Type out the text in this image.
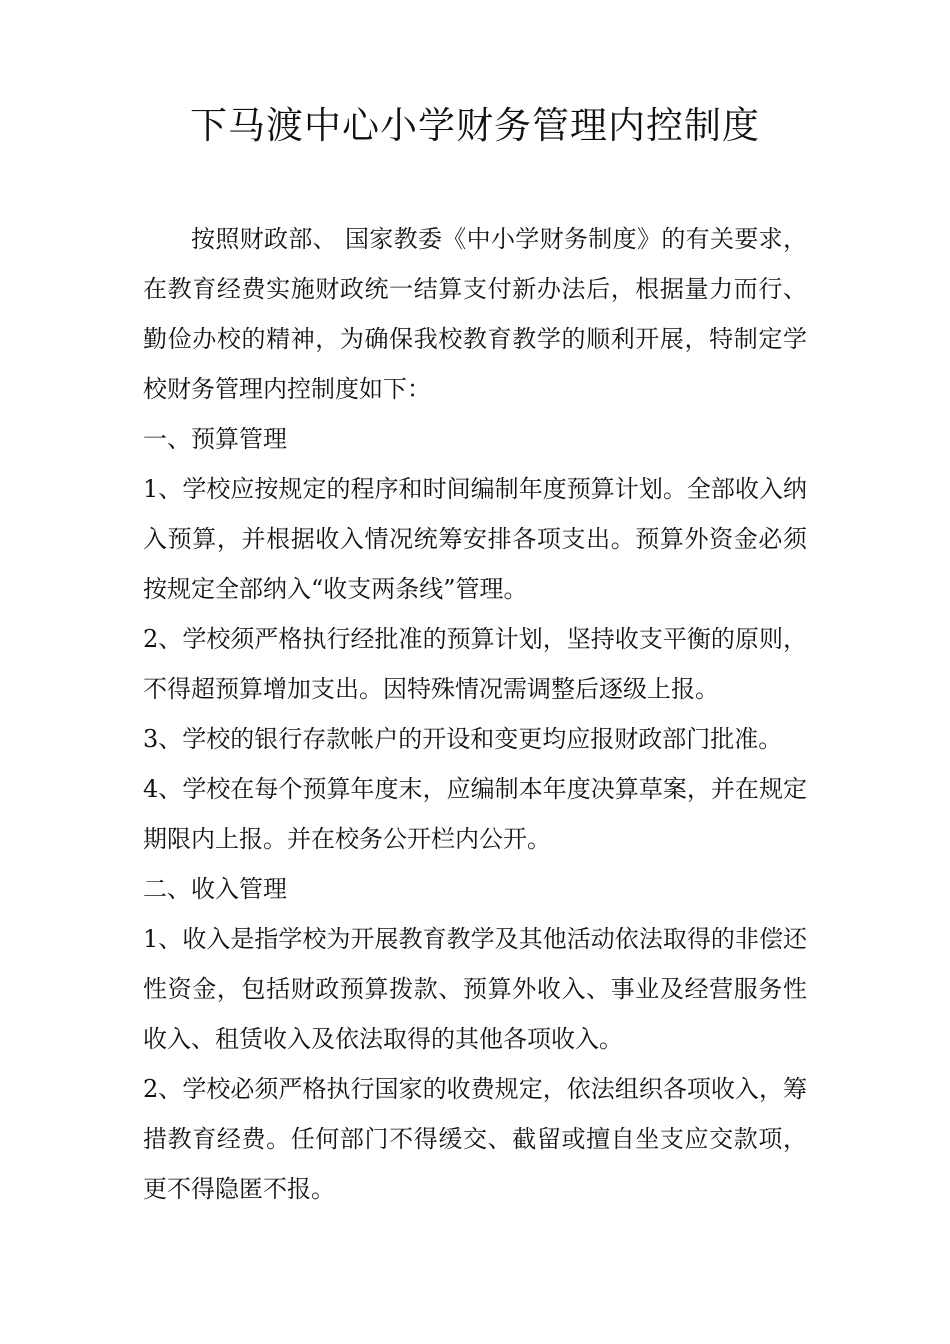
下马渡中心小学财务管理内控制度

按照财政部、 国家教委《中小学财务制度》的有关要求，在教育经费实施财政统一结算支付新办法后，根据量力而行、勤俭办校的精神，为确保我校教育教学的顺利开展，特制定学校财务管理内控制度如下：

一、预算管理

1、学校应按规定的程序和时间编制年度预算计划。全部收入纳入预算，并根据收入情况统筹安排各项支出。预算外资金必须按规定全部纳入“收支两条线”管理。

2、学校须严格执行经批准的预算计划，坚持收支平衡的原则，不得超预算增加支出。因特殊情况需调整后逐级上报。

3、学校的银行存款帐户的开设和变更均应报财政部门批准。

4、学校在每个预算年度末，应编制本年度决算草案，并在规定期限内上报。并在校务公开栏内公开。

二、收入管理

1、收入是指学校为开展教育教学及其他活动依法取得的非偿还性资金，包括财政预算拨款、预算外收入、事业及经营服务性收入、租赁收入及依法取得的其他各项收入。

2、学校必须严格执行国家的收费规定，依法组织各项收入，筹措教育经费。任何部门不得缓交、截留或擅自坐支应交款项，更不得隐匿不报。
